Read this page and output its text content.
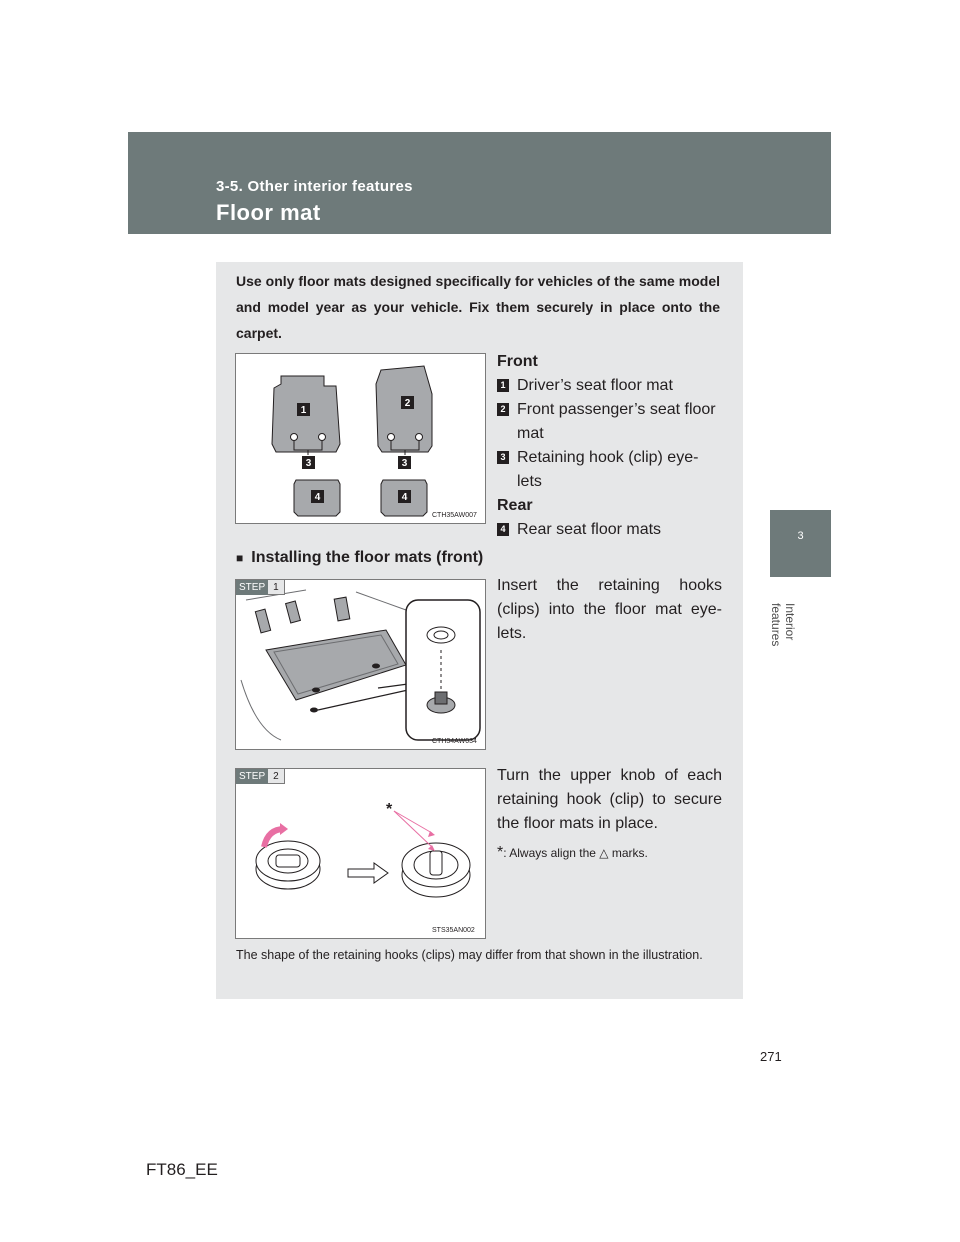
3-5. Other interior features
Floor mat
3
Interior features
Use only floor mats designed specifically for vehicles of the same model and model year as your vehicle. Fix them securely in place onto the carpet.
1
2
3	3
4	4
CTH35AW007
Front
1 Driver’s seat floor mat
2 Front passenger’s seat floor mat
3 Retaining hook (clip) eye-lets
Rear
4 Rear seat floor mats
■ Installing the floor mats (front)
STEP 1
CTH34AW034
Insert the retaining hooks (clips) into the floor mat eye-lets.
*
STEP 2
STS35AN002
Turn the upper knob of each retaining hook (clip) to secure the floor mats in place.
*: Always align the △ marks.
The shape of the retaining hooks (clips) may differ from that shown in the illustration.
271
FT86_EE
